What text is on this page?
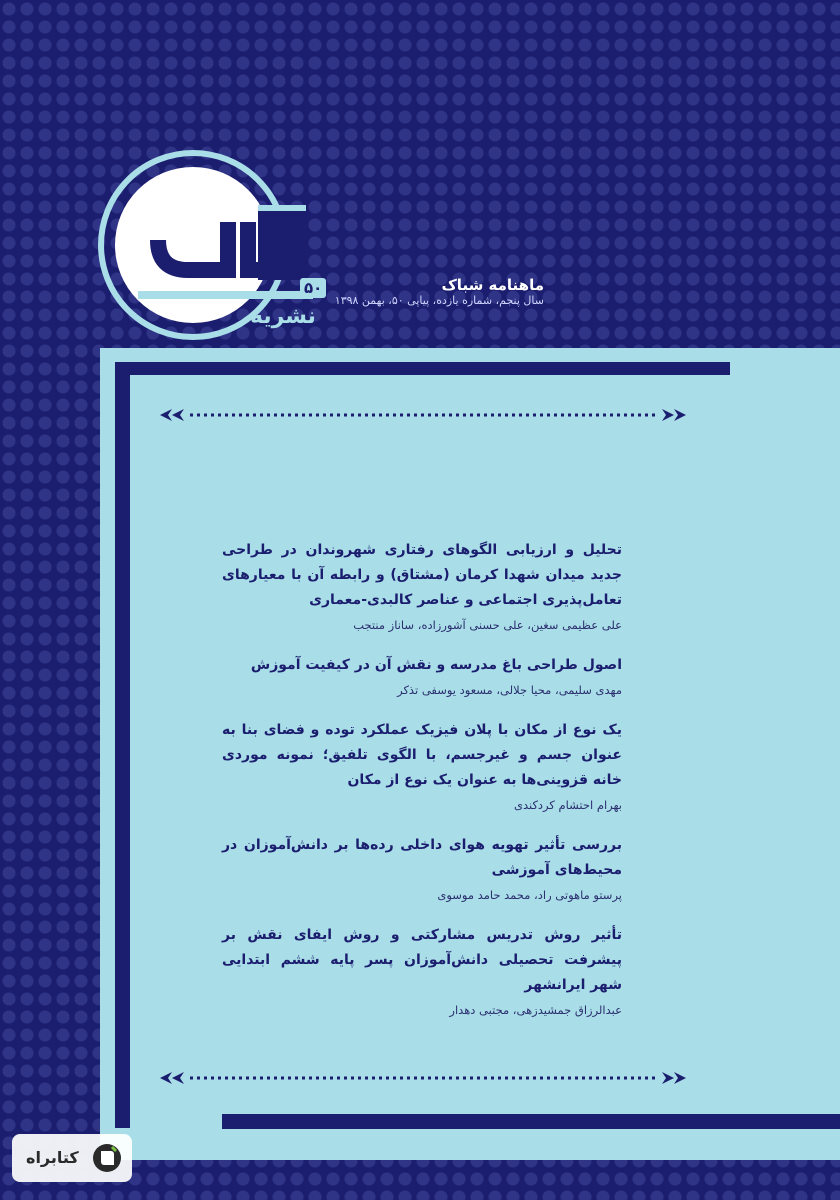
۵۰
نشریه
ماهنامه شباک
سال پنجم، شماره یازده، پیاپی ۵۰، بهمن ۱۳۹۸

تحلیل و ارزیابی الگوهای رفتاری شهروندان در طراحی جدید میدان شهدا کرمان (مشتاق) و رابطه آن با معیارهای تعامل‌پذیری اجتماعی و عناصر کالبدی-معماری

علی عظیمی سغین، علی حسنی آشورزاده، ساناز منتجب

اصول طراحی باغ مدرسه و نقش آن در کیفیت آموزش

مهدی سلیمی، محیا جلالی، مسعود یوسفی تذکر

یک نوع از مکان با پلان فیزیک عملکرد توده و فضای بنا به عنوان جسم و غیرجسم، با الگوی تلفیق؛ نمونه موردی خانه قزوینی‌ها به عنوان یک نوع از مکان

بهرام احتشام کردکندی

بررسی تأثیر تهویه هوای داخلی رده‌ها بر دانش‌آموزان در محیط‌های آموزشی

پرستو ماهوتی راد، محمد حامد موسوی

تأثیر روش تدریس مشارکتی و روش ایفای نقش بر پیشرفت تحصیلی دانش‌آموزان پسر پایه ششم ابتدایی شهر ایرانشهر

عبدالرزاق جمشیدزهی، مجتبی دهدار

کتابراه
